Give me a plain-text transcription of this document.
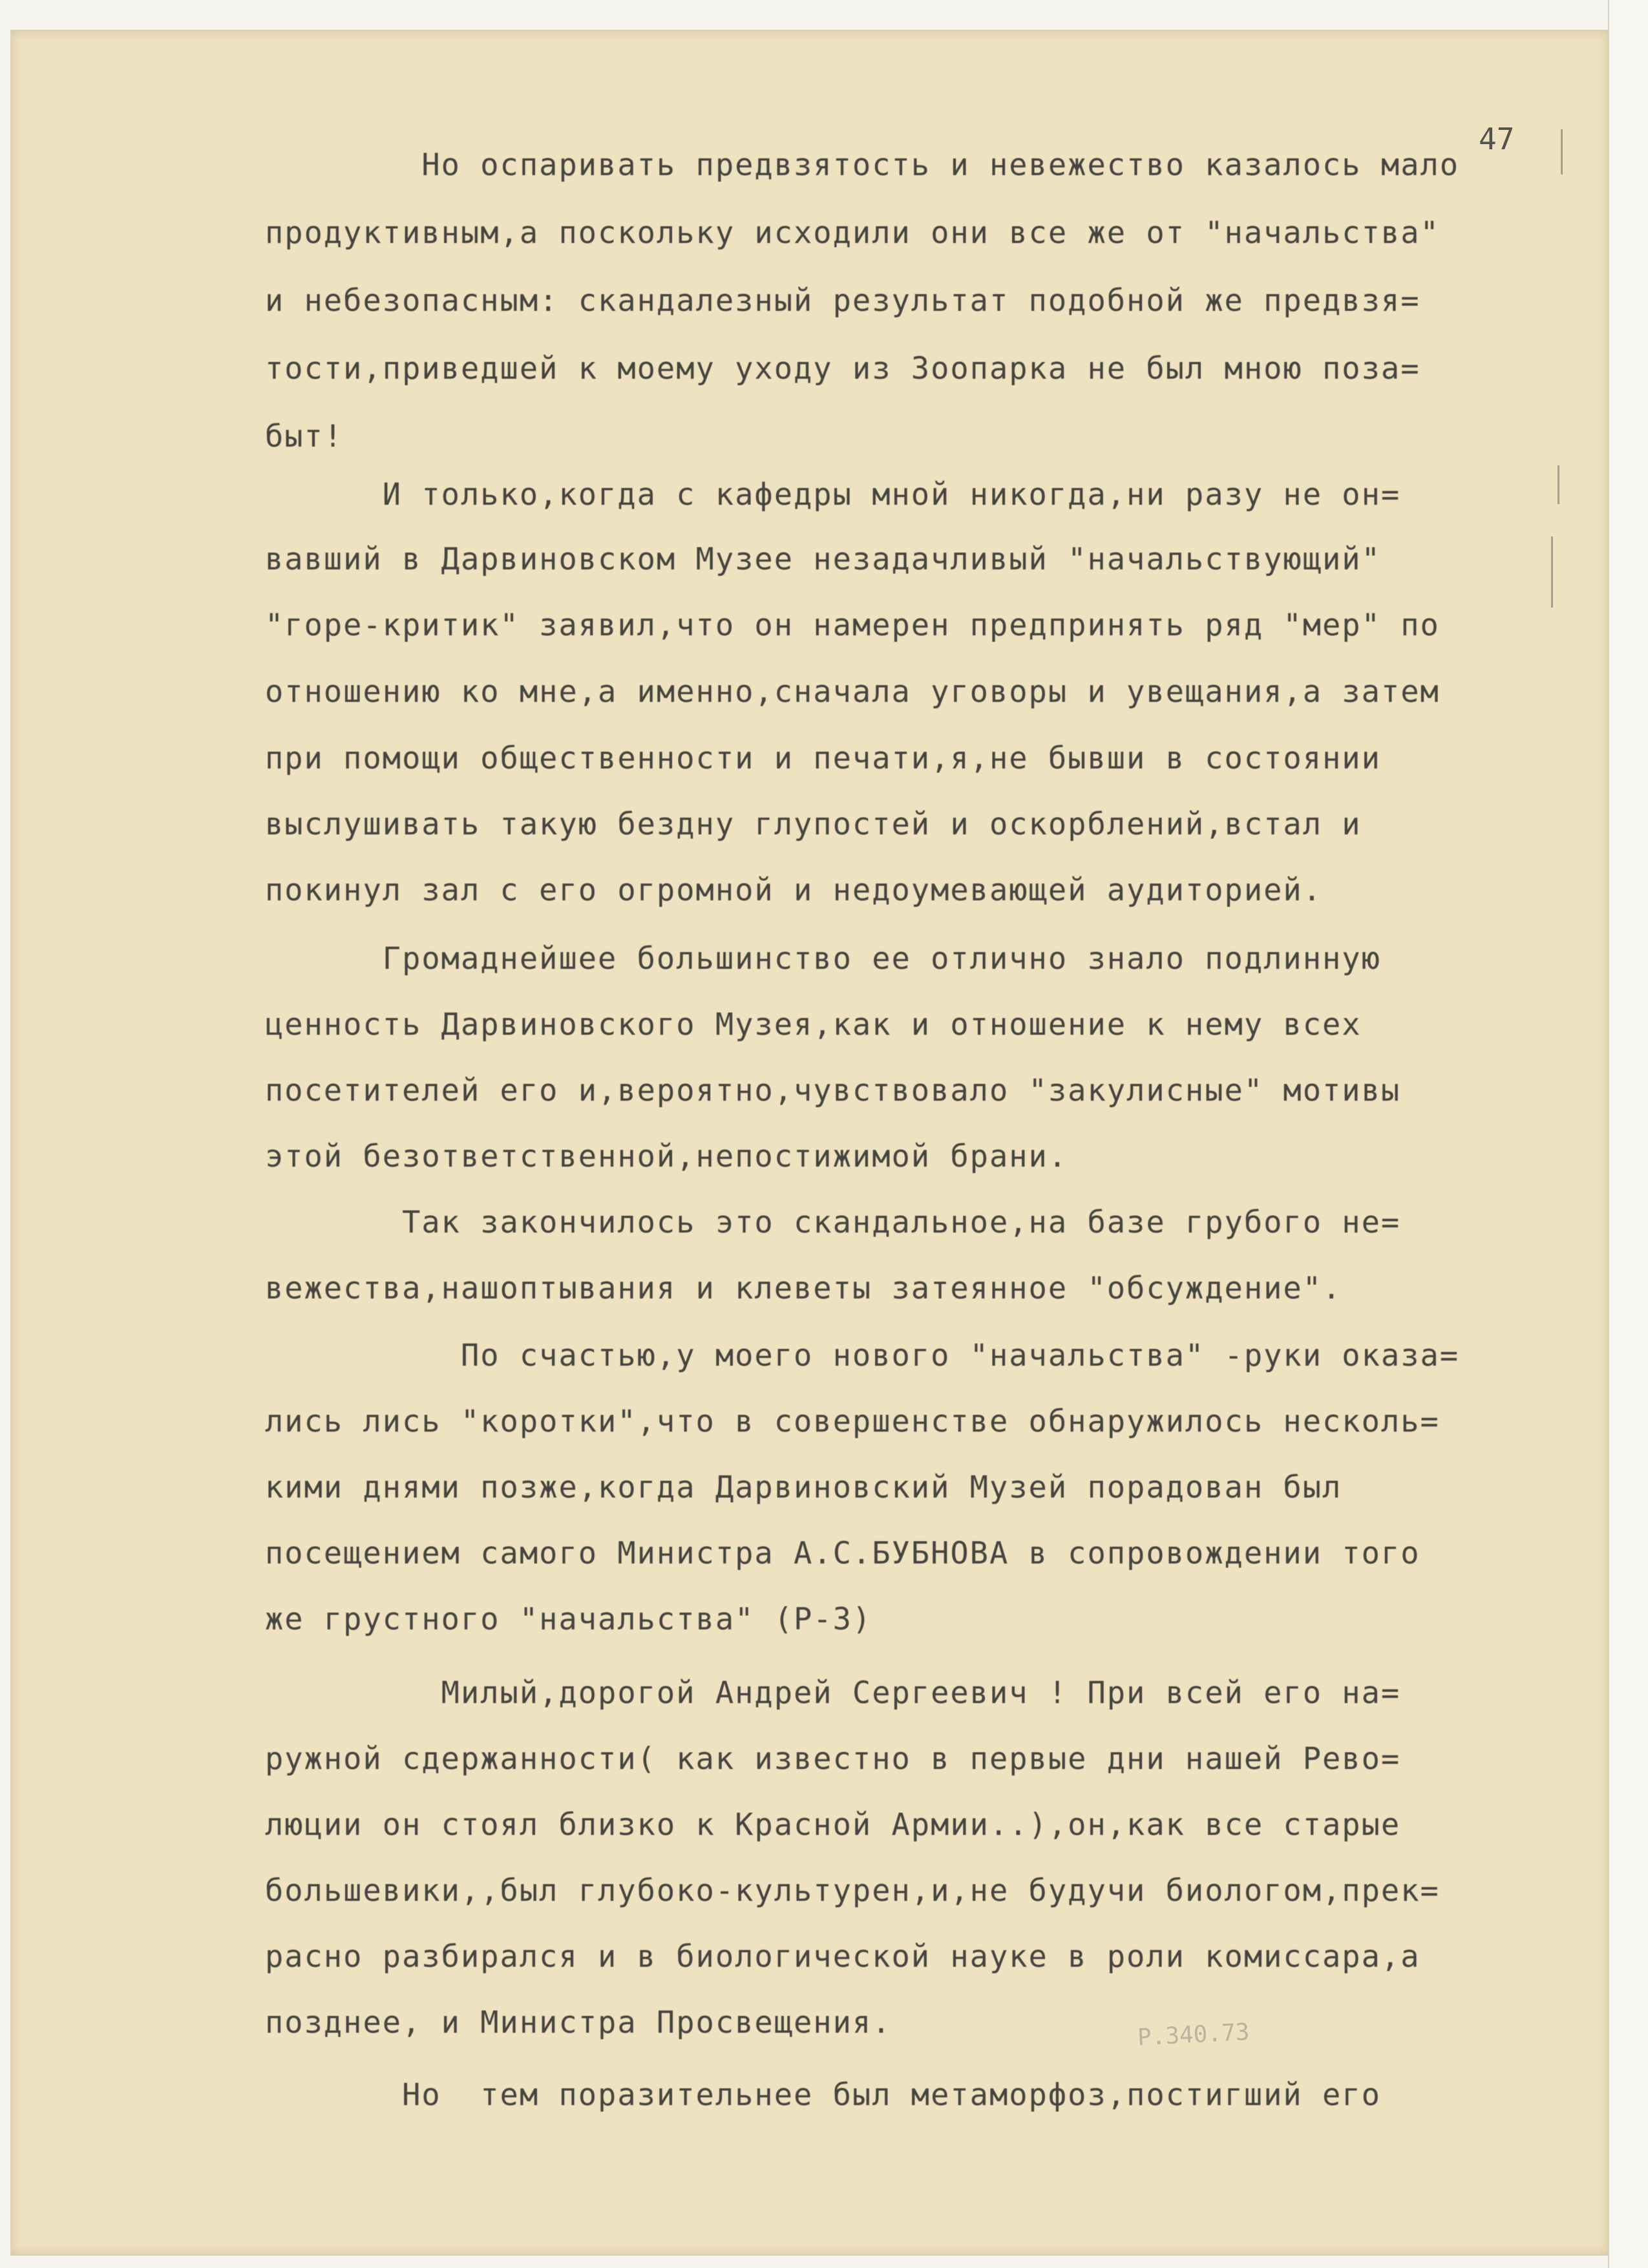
47

Но оспаривать предвзятость и невежество казалось мало

продуктивным,а поскольку исходили они все же от "начальства"

и небезопасным: скандалезный результат подобной же предвзя=

тости,приведшей к моему уходу из Зоопарка не был мною поза=

быт!

И только,когда с кафедры мной никогда,ни разу не он=

вавший в Дарвиновском Музее незадачливый "начальствующий"

"горе-критик" заявил,что он намерен предпринять ряд "мер" по

отношению ко мне,а именно,сначала уговоры и увещания,а затем

при помощи общественности и печати,я,не бывши в состоянии

выслушивать такую бездну глупостей и оскорблений,встал и

покинул зал с его огромной и недоумевающей аудиторией.

Громаднейшее большинство ее отлично знало подлинную

ценность Дарвиновского Музея,как и отношение к нему всех

посетителей его и,вероятно,чувствовало "закулисные" мотивы

этой безответственной,непостижимой брани.

Так закончилось это скандальное,на базе грубого не=

вежества,нашоптывания и клеветы затеянное "обсуждение".

По счастью,у моего нового "начальства" -руки оказа=

лись лись "коротки",что в совершенстве обнаружилось несколь=

кими днями позже,когда Дарвиновский Музей порадован был

посещением самого Министра А.С.БУБНОВА в сопровождении того

же грустного "начальства" (Р-3)

Милый,дорогой Андрей Сергеевич ! При всей его на=

ружной сдержанности( как известно в первые дни нашей Рево=

люции он стоял близко к Красной Армии..),он,как все старые

большевики,,был глубоко-культурен,и,не будучи биологом,прек=

расно разбирался и в биологической науке в роли комиссара,а

позднее, и Министра Просвещения.

Но  тем поразительнее был метаморфоз,постигший его

Р.340.73
